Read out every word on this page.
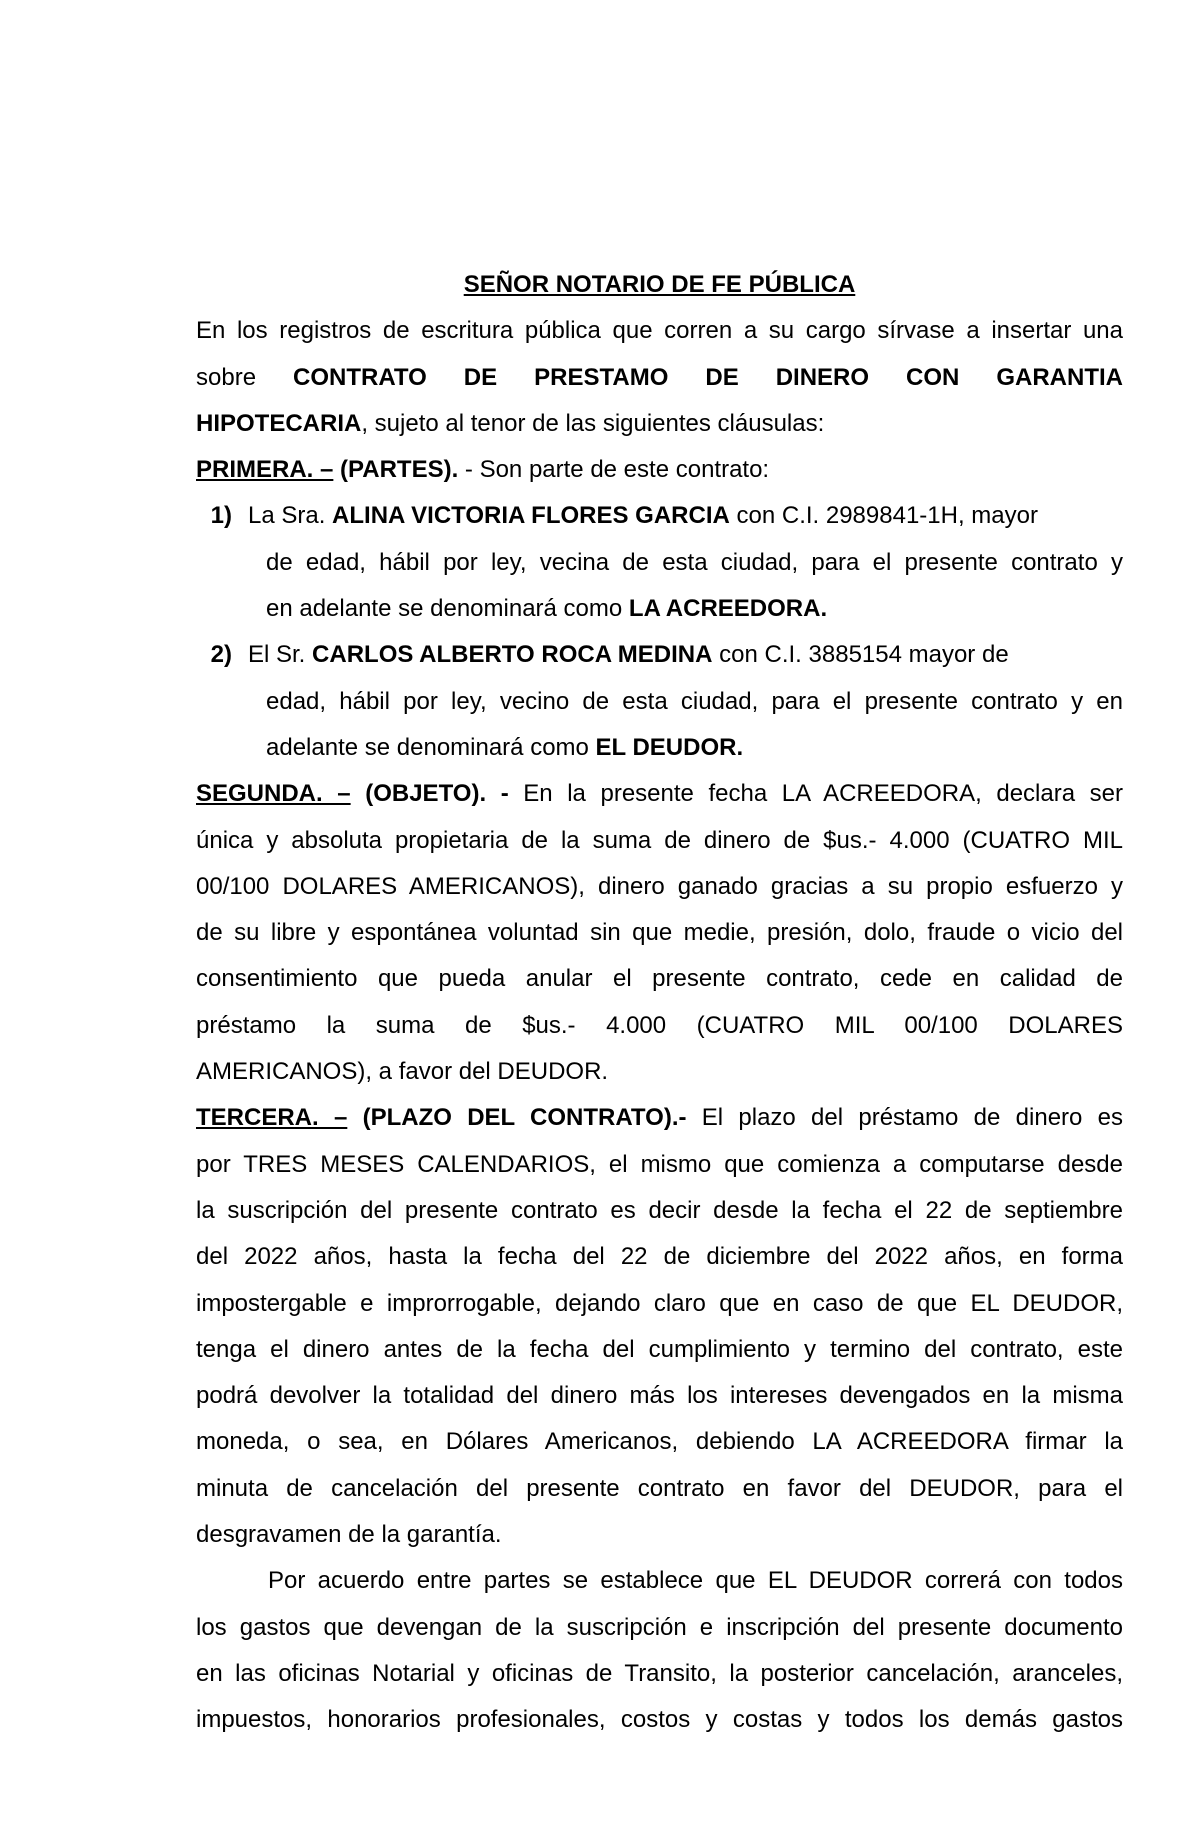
SEÑOR NOTARIO DE FE PÚBLICA
En los registros de escritura pública que corren a su cargo sírvase a insertar una
sobre CONTRATO DE PRESTAMO DE DINERO CON GARANTIA
HIPOTECARIA, sujeto al tenor de las siguientes cláusulas:
PRIMERA. – (PARTES). - Son parte de este contrato:
1) La Sra. ALINA VICTORIA FLORES GARCIA con C.I. 2989841-1H, mayor
de edad, hábil por ley, vecina de esta ciudad, para el presente contrato y
en adelante se denominará como LA ACREEDORA.
2) El Sr. CARLOS ALBERTO ROCA MEDINA con C.I. 3885154 mayor de
edad, hábil por ley, vecino de esta ciudad, para el presente contrato y en
adelante se denominará como EL DEUDOR.
SEGUNDA. – (OBJETO). - En la presente fecha LA ACREEDORA, declara ser
única y absoluta propietaria de la suma de dinero de $us.- 4.000 (CUATRO MIL
00/100 DOLARES AMERICANOS), dinero ganado gracias a su propio esfuerzo y
de su libre y espontánea voluntad sin que medie, presión, dolo, fraude o vicio del
consentimiento que pueda anular el presente contrato, cede en calidad de
préstamo la suma de $us.- 4.000 (CUATRO MIL 00/100 DOLARES
AMERICANOS), a favor del DEUDOR.
TERCERA. – (PLAZO DEL CONTRATO).- El plazo del préstamo de dinero es
por TRES MESES CALENDARIOS, el mismo que comienza a computarse desde
la suscripción del presente contrato es decir desde la fecha el 22 de septiembre
del 2022 años, hasta la fecha del 22 de diciembre del 2022 años, en forma
impostergable e improrrogable, dejando claro que en caso de que EL DEUDOR,
tenga el dinero antes de la fecha del cumplimiento y termino del contrato, este
podrá devolver la totalidad del dinero más los intereses devengados en la misma
moneda, o sea, en Dólares Americanos, debiendo LA ACREEDORA firmar la
minuta de cancelación del presente contrato en favor del DEUDOR, para el
desgravamen de la garantía.
Por acuerdo entre partes se establece que EL DEUDOR correrá con todos
los gastos que devengan de la suscripción e inscripción del presente documento
en las oficinas Notarial y oficinas de Transito, la posterior cancelación, aranceles,
impuestos, honorarios profesionales, costos y costas y todos los demás gastos
